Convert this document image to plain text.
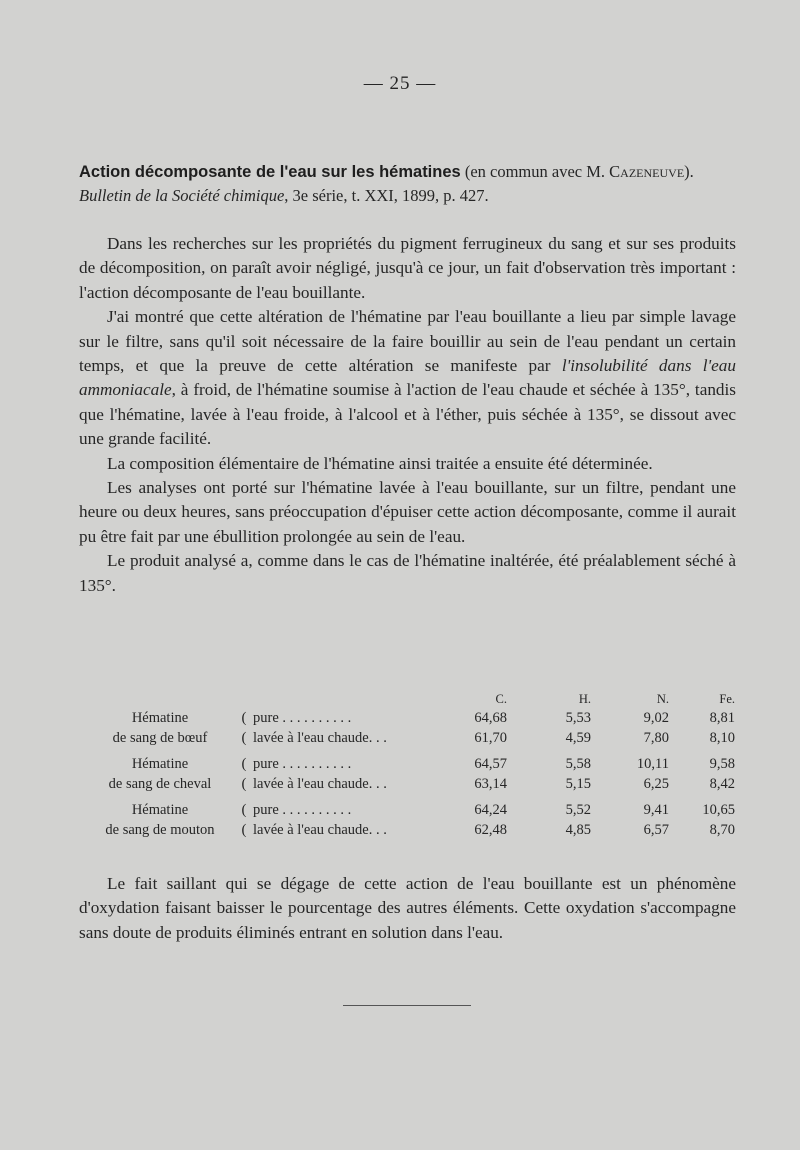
— 25 —
Action décomposante de l'eau sur les hématines (en commun avec M. Cazeneuve). Bulletin de la Société chimique, 3e série, t. XXI, 1899, p. 427.

Dans les recherches sur les propriétés du pigment ferrugineux du sang et sur ses produits de décomposition, on paraît avoir négligé, jusqu'à ce jour, un fait d'observation très important : l'action décomposante de l'eau bouillante.

J'ai montré que cette altération de l'hématine par l'eau bouillante a lieu par simple lavage sur le filtre, sans qu'il soit nécessaire de la faire bouillir au sein de l'eau pendant un certain temps, et que la preuve de cette altération se manifeste par l'insolubilité dans l'eau ammoniacale, à froid, de l'hématine soumise à l'action de l'eau chaude et séchée à 135°, tandis que l'hématine, lavée à l'eau froide, à l'alcool et à l'éther, puis séchée à 135°, se dissout avec une grande facilité.

La composition élémentaire de l'hématine ainsi traitée a ensuite été déterminée.

Les analyses ont porté sur l'hématine lavée à l'eau bouillante, sur un filtre, pendant une heure ou deux heures, sans préoccupation d'épuiser cette action décomposante, comme il aurait pu être fait par une ébullition prolongée au sein de l'eau.

Le produit analysé a, comme dans le cas de l'hématine inaltérée, été préalablement séché à 135°.

			C.	H.	N.	Fe.
Hématine	(	pure . . . . . . . . . .	64,68	5,53	9,02	8,81
de sang de bœuf	(	lavée à l'eau chaude. . .	61,70	4,59	7,80	8,10

Hématine	(	pure . . . . . . . . . .	64,57	5,58	10,11	9,58
de sang de cheval	(	lavée à l'eau chaude. . .	63,14	5,15	6,25	8,42

Hématine	(	pure . . . . . . . . . .	64,24	5,52	9,41	10,65
de sang de mouton	(	lavée à l'eau chaude. . .	62,48	4,85	6,57	8,70

Le fait saillant qui se dégage de cette action de l'eau bouillante est un phénomène d'oxydation faisant baisser le pourcentage des autres éléments. Cette oxydation s'accompagne sans doute de produits éliminés entrant en solution dans l'eau.
